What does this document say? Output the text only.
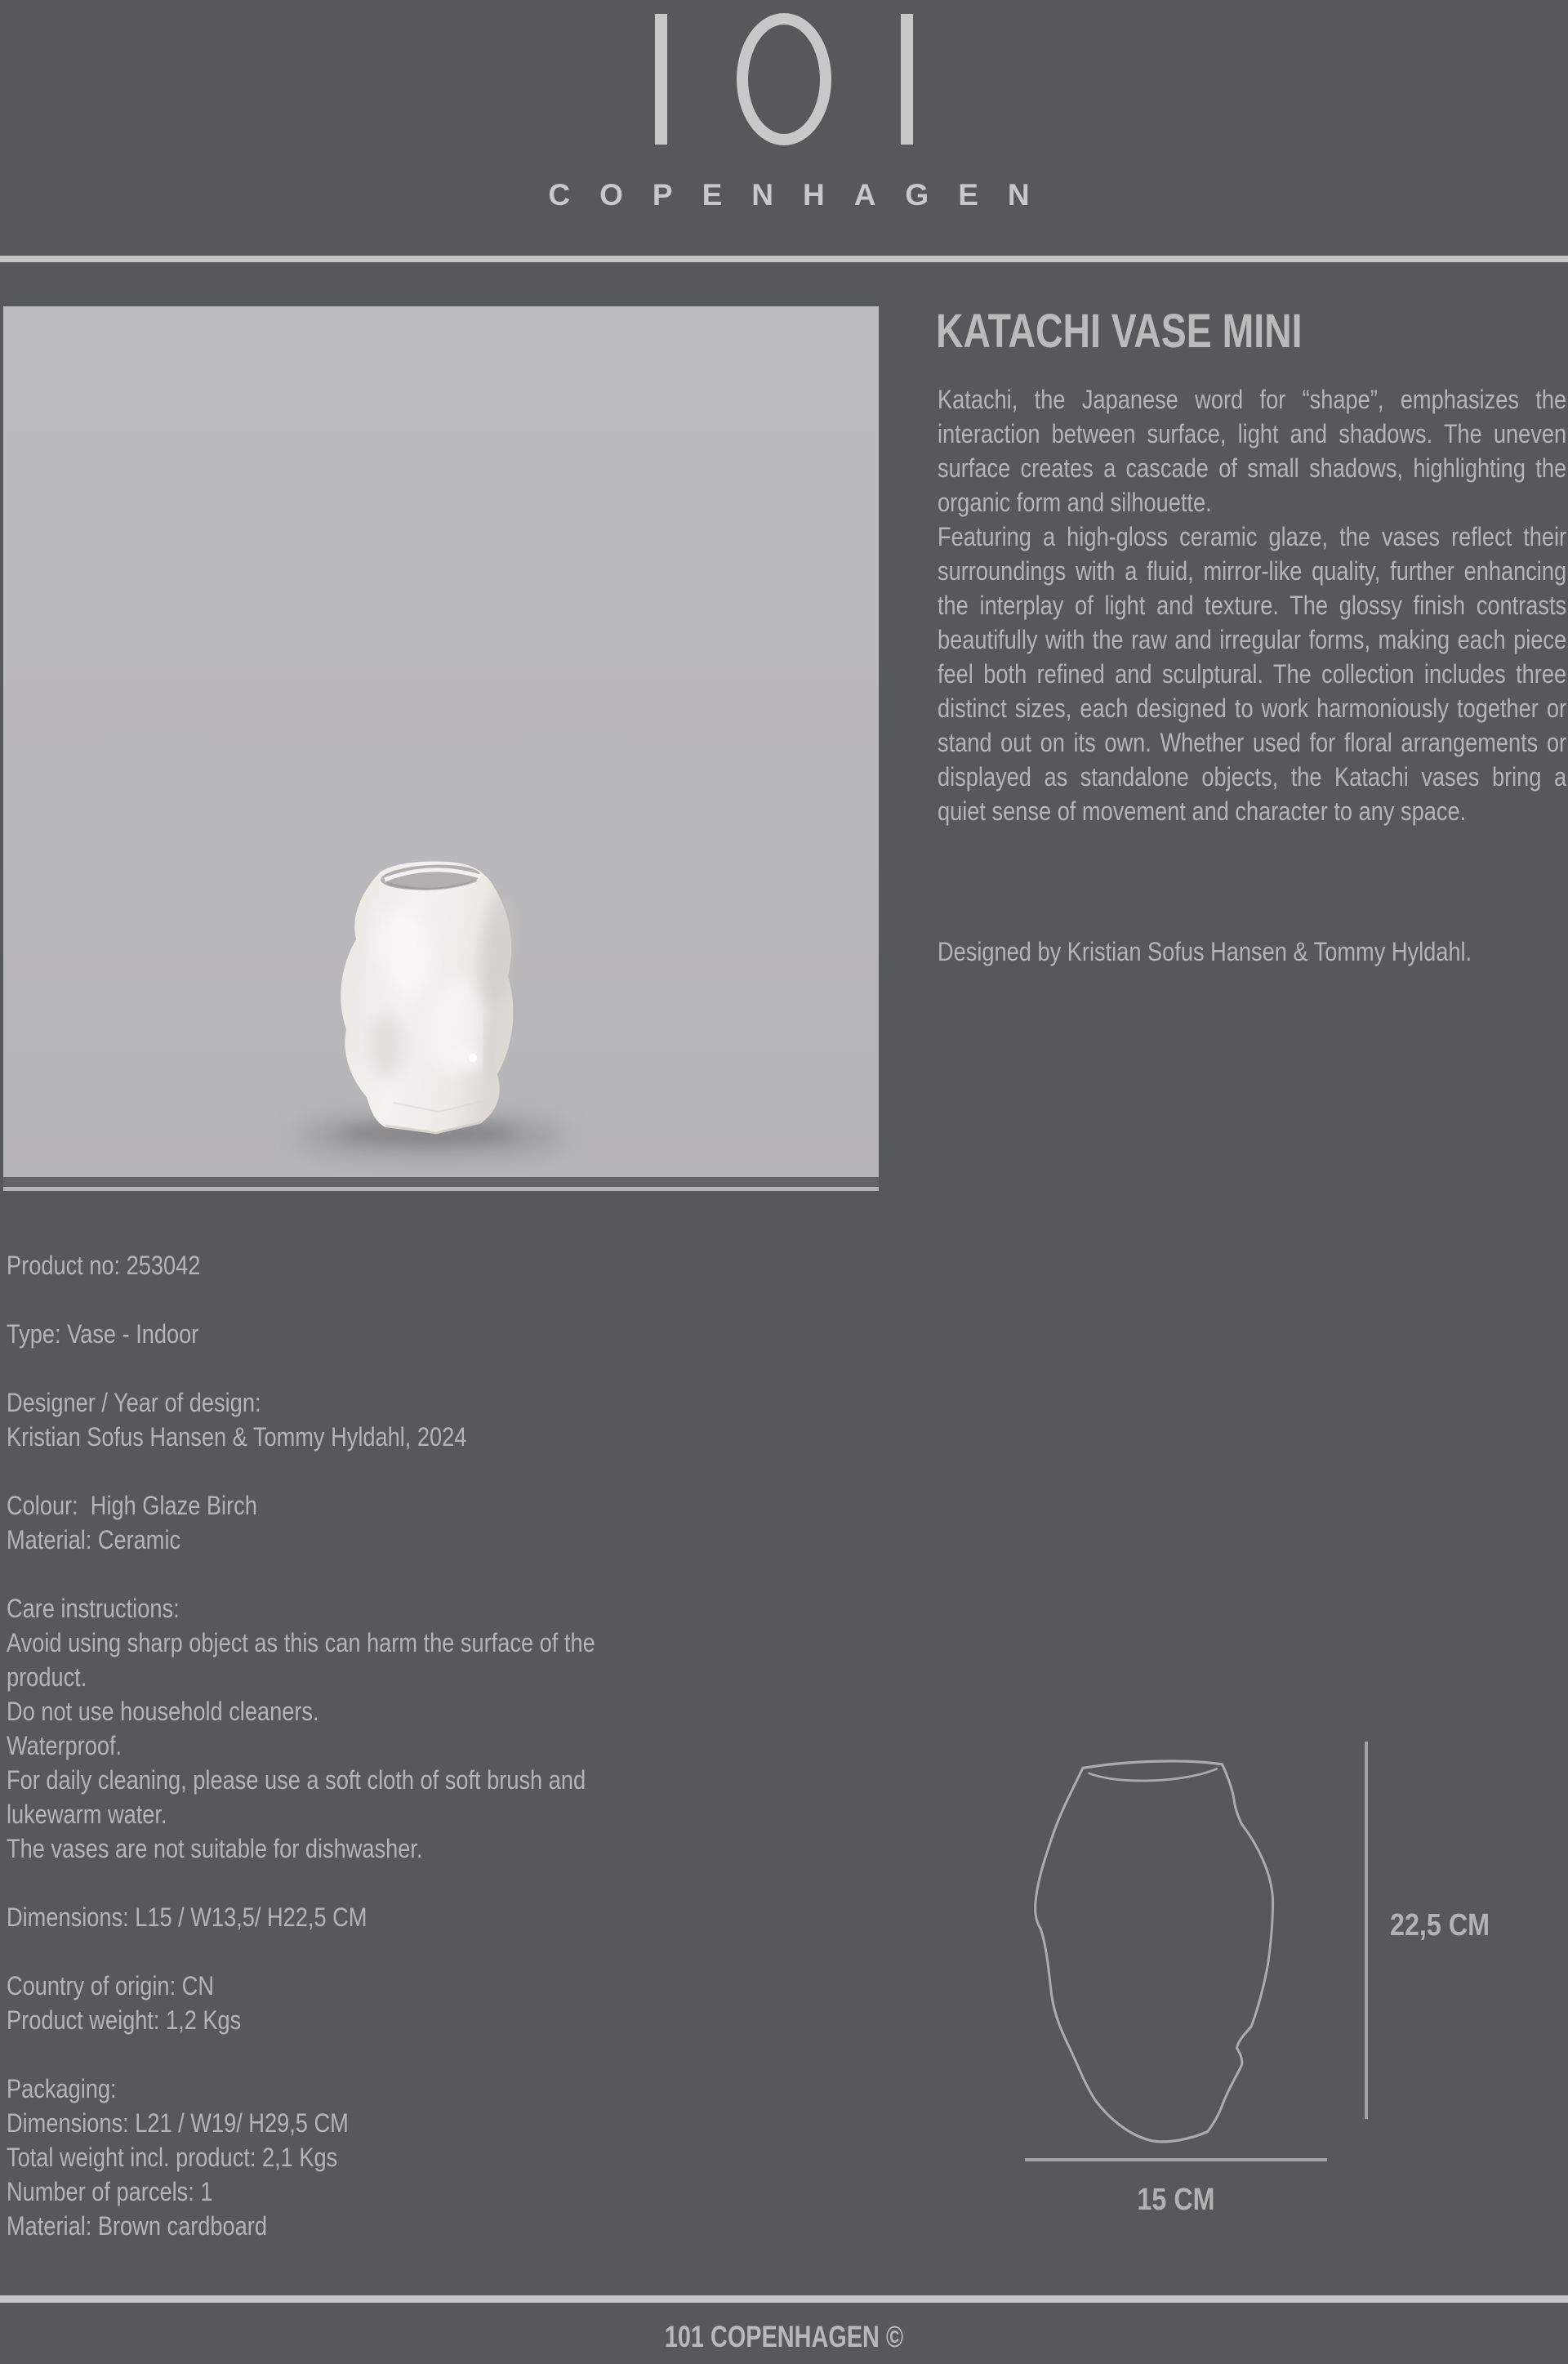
COPENHAGEN
KATACHI VASE MINI

Katachi, the Japanese word for “shape”, emphasizes the interaction between surface, light and shadows. The uneven surface creates a cascade of small shadows, highlighting the organic form and silhouette.

Featuring a high-gloss ceramic glaze, the vases reflect their surroundings with a fluid, mirror-like quality, further enhancing the interplay of light and texture. The glossy finish contrasts beautifully with the raw and irregular forms, making each piece feel both refined and sculptural. The collection includes three distinct sizes, each designed to work harmoniously together or stand out on its own. Whether used for floral arrangements or displayed as standalone objects, the Katachi vases bring a quiet sense of movement and character to any space.

Designed by Kristian Sofus Hansen & Tommy Hyldahl.
Product no: 253042
Type: Vase - Indoor
Designer / Year of design:
Kristian Sofus Hansen & Tommy Hyldahl, 2024
Colour:  High Glaze Birch
Material: Ceramic
Care instructions:
Avoid using sharp object as this can harm the surface of the product.
Do not use household cleaners.
Waterproof.
For daily cleaning, please use a soft cloth of soft brush and lukewarm water.
The vases are not suitable for dishwasher.
Dimensions: L15 / W13,5/ H22,5 CM
Country of origin: CN
Product weight: 1,2 Kgs
Packaging:
Dimensions: L21 / W19/ H29,5 CM
Total weight incl. product: 2,1 Kgs
Number of parcels: 1
Material: Brown cardboard
22,5 CM
15 CM
101 COPENHAGEN ©
